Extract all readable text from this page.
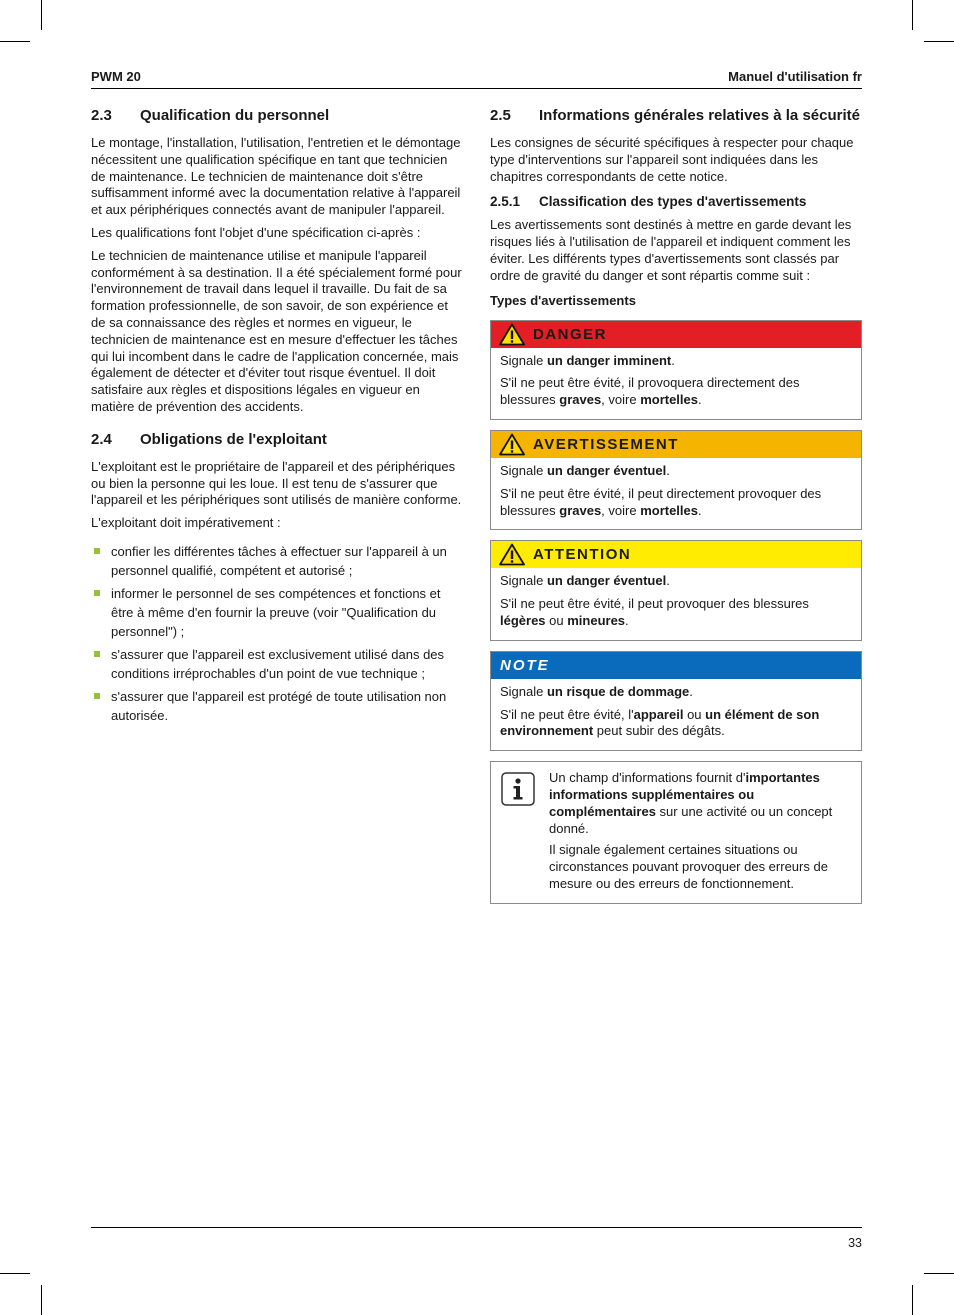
PWM 20	Manuel d'utilisation fr
2.3	Qualification du personnel

Le montage, l'installation, l'utilisation, l'entretien et le démontage nécessitent une qualification spécifique en tant que technicien de maintenance. Le technicien de maintenance doit s'être suffisamment informé avec la documentation relative à l'appareil et aux périphériques connectés avant de manipuler l'appareil.

Les qualifications font l'objet d'une spécification ci-après :

Le technicien de maintenance utilise et manipule l'appareil conformément à sa destination. Il a été spécialement formé pour l'environnement de travail dans lequel il travaille. Du fait de sa formation professionnelle, de son savoir, de son expérience et de sa connaissance des règles et normes en vigueur, le technicien de maintenance est en mesure d'effectuer les tâches qui lui incombent dans le cadre de l'application concernée, mais également de détecter et d'éviter tout risque éventuel. Il doit satisfaire aux règles et dispositions légales en vigueur en matière de prévention des accidents.

2.4	Obligations de l'exploitant

L'exploitant est le propriétaire de l'appareil et des périphériques ou bien la personne qui les loue. Il est tenu de s'assurer que l'appareil et les périphériques sont utilisés de manière conforme.

L'exploitant doit impérativement :

confier les différentes tâches à effectuer sur l'appareil à un personnel qualifié, compétent et autorisé ;
informer le personnel de ses compétences et fonctions et être à même d'en fournir la preuve (voir "Qualification du personnel") ;
s'assurer que l'appareil est exclusivement utilisé dans des conditions irréprochables d'un point de vue technique ;
s'assurer que l'appareil est protégé de toute utilisation non autorisée.
2.5	Informations générales relatives à la sécurité

Les consignes de sécurité spécifiques à respecter pour chaque type d'interventions sur l'appareil sont indiquées dans les chapitres correspondants de cette notice.

2.5.1	Classification des types d'avertissements

Les avertissements sont destinés à mettre en garde devant les risques liés à l'utilisation de l'appareil et indiquent comment les éviter. Les différents types d'avertissements sont classés par ordre de gravité du danger et sont répartis comme suit :

Types d'avertissements
DANGER

Signale un danger imminent.

S'il ne peut être évité, il provoquera directement des blessures graves, voire mortelles.

AVERTISSEMENT

Signale un danger éventuel.

S'il ne peut être évité, il peut directement provoquer des blessures graves, voire mortelles.

ATTENTION

Signale un danger éventuel.

S'il ne peut être évité, il peut provoquer des blessures légères ou mineures.

NOTE

Signale un risque de dommage.

S'il ne peut être évité, l'appareil ou un élément de son environnement peut subir des dégâts.

Un champ d'informations fournit d'importantes informations supplémentaires ou complémentaires sur une activité ou un concept donné.

Il signale également certaines situations ou circonstances pouvant provoquer des erreurs de mesure ou des erreurs de fonctionnement.

33
